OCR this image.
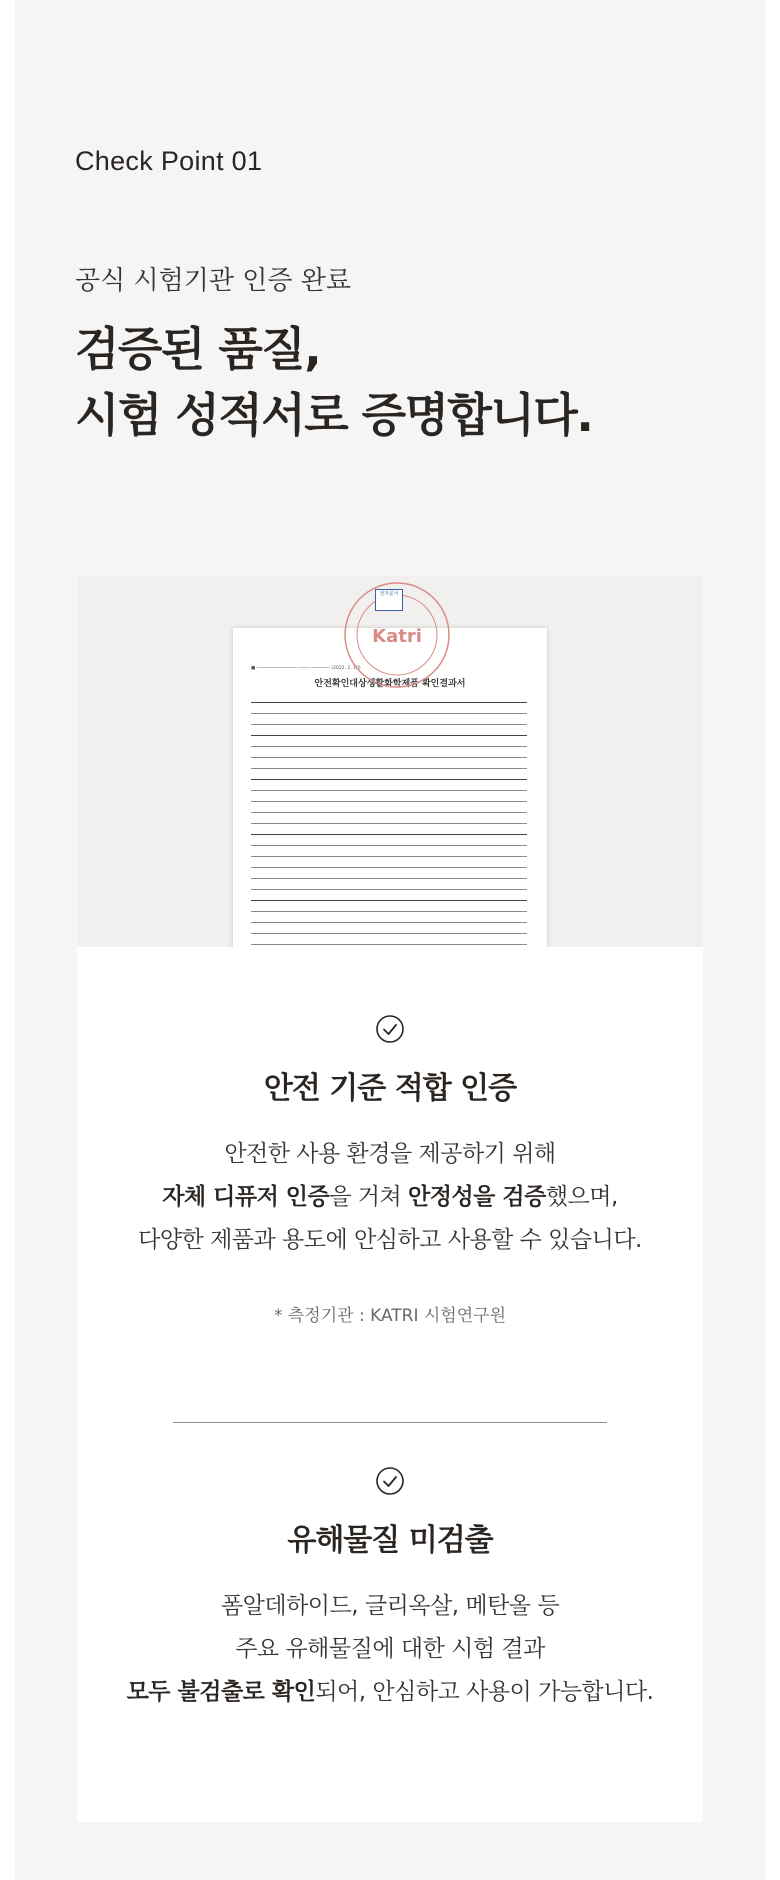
Check Point 01
공식 시험기관 인증 완료
검증된 품질,
시험 성적서로 증명합니다.
■ ─────────────── ──── ─────── (2022. 2. 10)
안전확인대상생활화학제품 확인결과서
Katri
전자문서
안전 기준 적합 인증
안전한 사용 환경을 제공하기 위해
자체 디퓨저 인증을 거쳐 안정성을 검증했으며,
다양한 제품과 용도에 안심하고 사용할 수 있습니다.
* 측정기관 : KATRI 시험연구원
유해물질 미검출
폼알데하이드, 글리옥살, 메탄올 등
주요 유해물질에 대한 시험 결과
모두 불검출로 확인되어, 안심하고 사용이 가능합니다.
